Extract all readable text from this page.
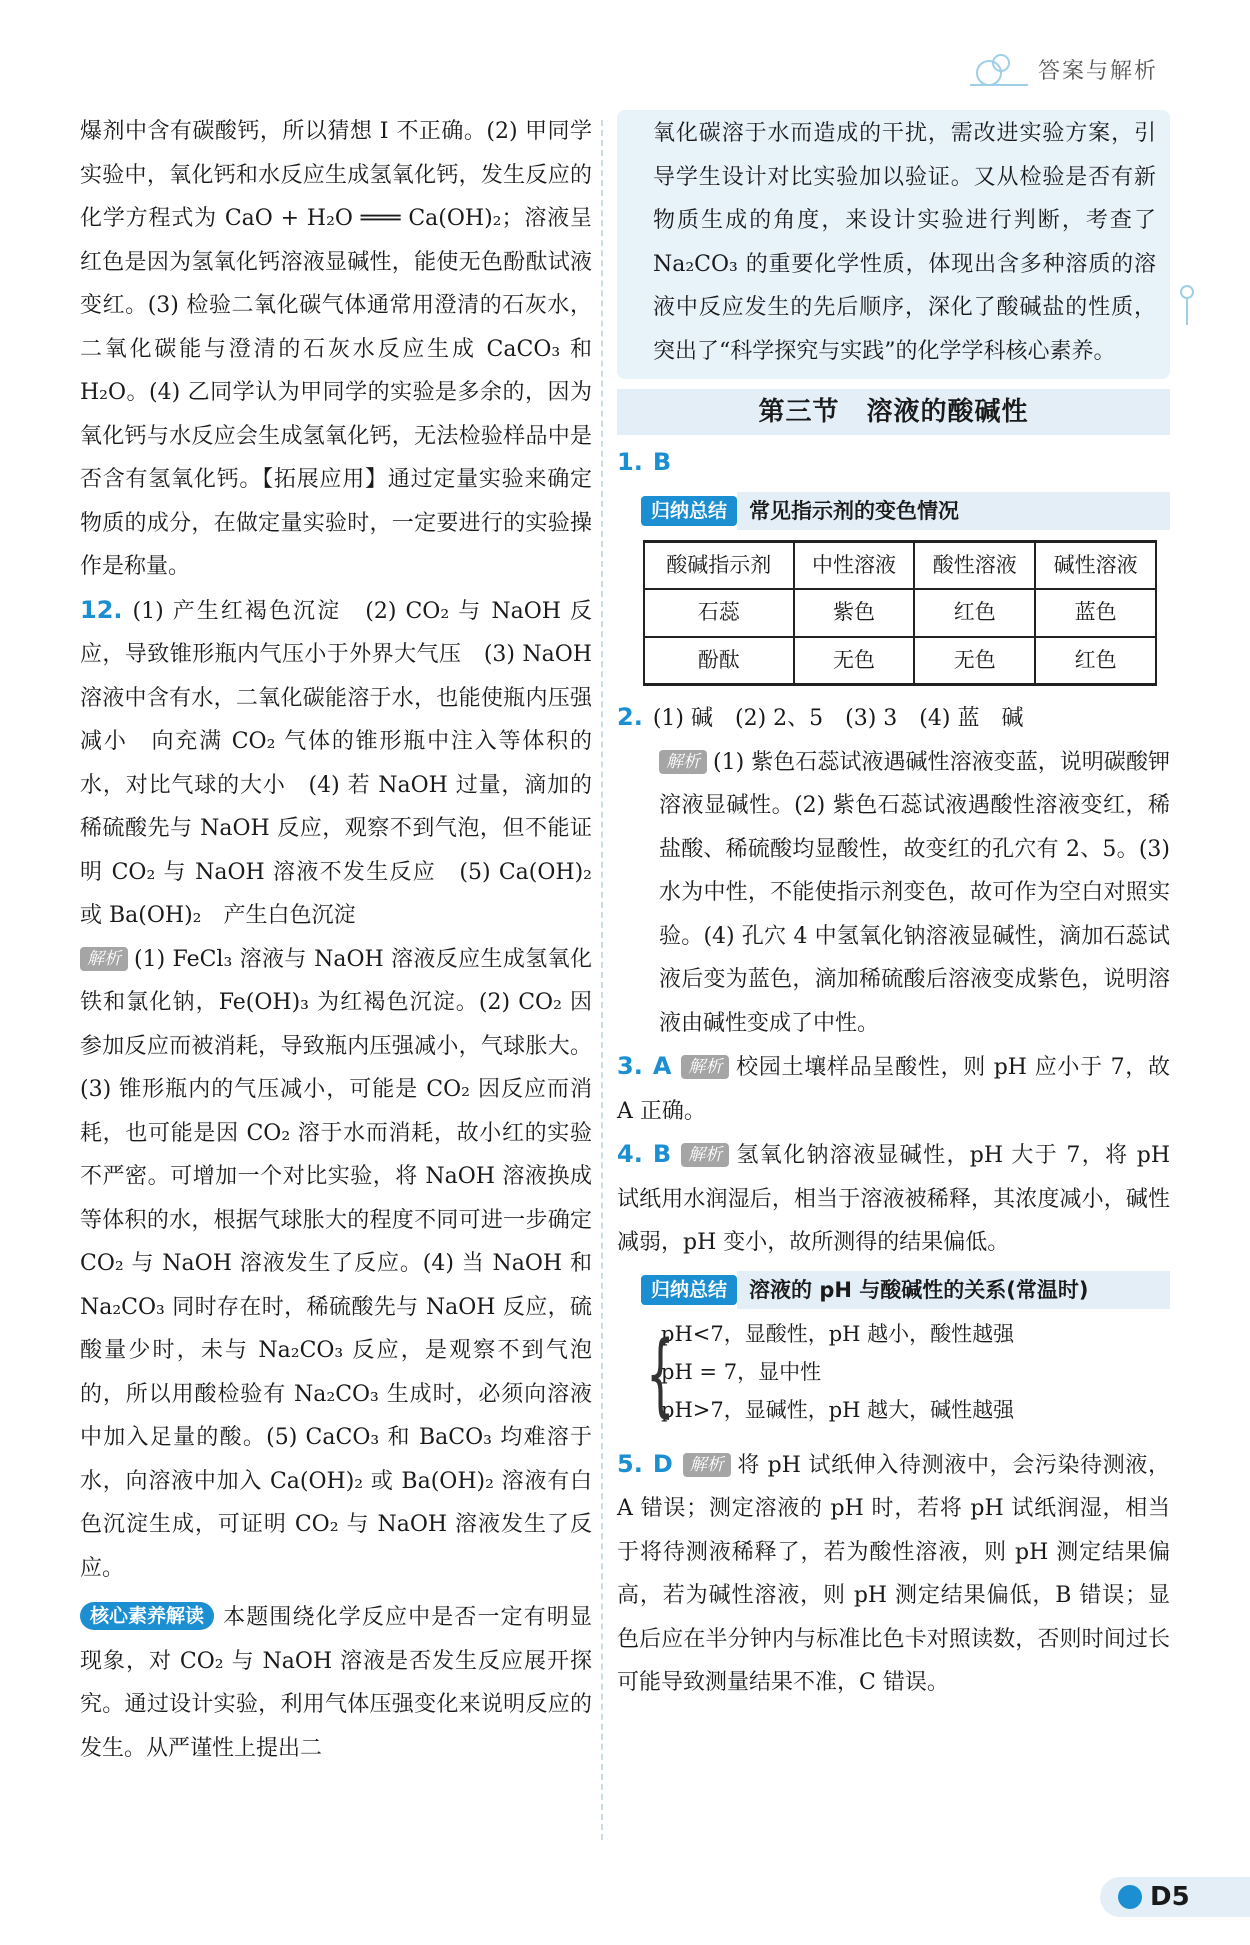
答案与解析

爆剂中含有碳酸钙，所以猜想 Ⅰ 不正确。(2) 甲同学实验中，氧化钙和水反应生成氢氧化钙，发生反应的化学方程式为 CaO + H₂O ═══ Ca(OH)₂；溶液呈红色是因为氢氧化钙溶液显碱性，能使无色酚酞试液变红。(3) 检验二氧化碳气体通常用澄清的石灰水，二氧化碳能与澄清的石灰水反应生成 CaCO₃ 和 H₂O。(4) 乙同学认为甲同学的实验是多余的，因为氧化钙与水反应会生成氢氧化钙，无法检验样品中是否含有氢氧化钙。【拓展应用】通过定量实验来确定物质的成分，在做定量实验时，一定要进行的实验操作是称量。

12. (1) 产生红褐色沉淀　(2) CO₂ 与 NaOH 反应，导致锥形瓶内气压小于外界大气压　(3) NaOH 溶液中含有水，二氧化碳能溶于水，也能使瓶内压强减小　向充满 CO₂ 气体的锥形瓶中注入等体积的水，对比气球的大小　(4) 若 NaOH 过量，滴加的稀硫酸先与 NaOH 反应，观察不到气泡，但不能证明 CO₂ 与 NaOH 溶液不发生反应　(5) Ca(OH)₂ 或 Ba(OH)₂　产生白色沉淀

解析 (1) FeCl₃ 溶液与 NaOH 溶液反应生成氢氧化铁和氯化钠，Fe(OH)₃ 为红褐色沉淀。(2) CO₂ 因参加反应而被消耗，导致瓶内压强减小，气球胀大。(3) 锥形瓶内的气压减小，可能是 CO₂ 因反应而消耗，也可能是因 CO₂ 溶于水而消耗，故小红的实验不严密。可增加一个对比实验，将 NaOH 溶液换成等体积的水，根据气球胀大的程度不同可进一步确定 CO₂ 与 NaOH 溶液发生了反应。(4) 当 NaOH 和 Na₂CO₃ 同时存在时，稀硫酸先与 NaOH 反应，硫酸量少时，未与 Na₂CO₃ 反应，是观察不到气泡的，所以用酸检验有 Na₂CO₃ 生成时，必须向溶液中加入足量的酸。(5) CaCO₃ 和 BaCO₃ 均难溶于水，向溶液中加入 Ca(OH)₂ 或 Ba(OH)₂ 溶液有白色沉淀生成，可证明 CO₂ 与 NaOH 溶液发生了反应。

核心素养解读 本题围绕化学反应中是否一定有明显现象，对 CO₂ 与 NaOH 溶液是否发生反应展开探究。通过设计实验，利用气体压强变化来说明反应的发生。从严谨性上提出二

氧化碳溶于水而造成的干扰，需改进实验方案，引导学生设计对比实验加以验证。又从检验是否有新物质生成的角度，来设计实验进行判断，考查了 Na₂CO₃ 的重要化学性质，体现出含多种溶质的溶液中反应发生的先后顺序，深化了酸碱盐的性质，突出了“科学探究与实践”的化学学科核心素养。

第三节　溶液的酸碱性

1. B

归纳总结	常见指示剂的变色情况
酸碱指示剂	中性溶液	酸性溶液	碱性溶液
石蕊	紫色	红色	蓝色
酚酞	无色	无色	红色

2. (1) 碱　(2) 2、5　(3) 3　(4) 蓝　碱

解析 (1) 紫色石蕊试液遇碱性溶液变蓝，说明碳酸钾溶液显碱性。(2) 紫色石蕊试液遇酸性溶液变红，稀盐酸、稀硫酸均显酸性，故变红的孔穴有 2、5。(3) 水为中性，不能使指示剂变色，故可作为空白对照实验。(4) 孔穴 4 中氢氧化钠溶液显碱性，滴加石蕊试液后变为蓝色，滴加稀硫酸后溶液变成紫色，说明溶液由碱性变成了中性。

3. A 解析 校园土壤样品呈酸性，则 pH 应小于 7，故 A 正确。

4. B 解析 氢氧化钠溶液显碱性，pH 大于 7，将 pH 试纸用水润湿后，相当于溶液被稀释，其浓度减小，碱性减弱，pH 变小，故所测得的结果偏低。

归纳总结	溶液的 pH 与酸碱性的关系(常温时)
{
pH<7，显酸性，pH 越小，酸性越强
pH = 7，显中性
pH>7，显碱性，pH 越大，碱性越强

5. D 解析 将 pH 试纸伸入待测液中，会污染待测液，A 错误；测定溶液的 pH 时，若将 pH 试纸润湿，相当于将待测液稀释了，若为酸性溶液，则 pH 测定结果偏高，若为碱性溶液，则 pH 测定结果偏低，B 错误；显色后应在半分钟内与标准比色卡对照读数，否则时间过长可能导致测量结果不准，C 错误。

D5
